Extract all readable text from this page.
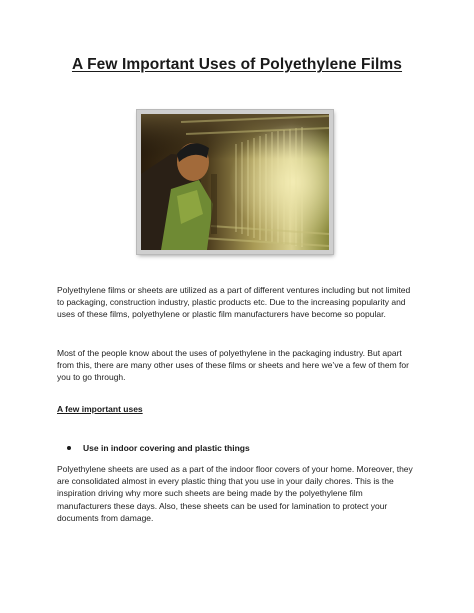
A Few Important Uses of Polyethylene Films

Polyethylene films or sheets are utilized as a part of different ventures including but not limited to packaging, construction industry, plastic products etc. Due to the increasing popularity and uses of these films, polyethylene or plastic film manufacturers have become so popular.

Most of the people know about the uses of polyethylene in the packaging industry. But apart from this, there are many other uses of these films or sheets and here we’ve a few of them for you to go through.

A few important uses

Use in indoor covering and plastic things

Polyethylene sheets are used as a part of the indoor floor covers of your home. Moreover, they are consolidated almost in every plastic thing that you use in your daily chores. This is the inspiration driving why more such sheets are being made by the polyethylene film manufacturers these days. Also, these sheets can be used for lamination to protect your documents from damage.
